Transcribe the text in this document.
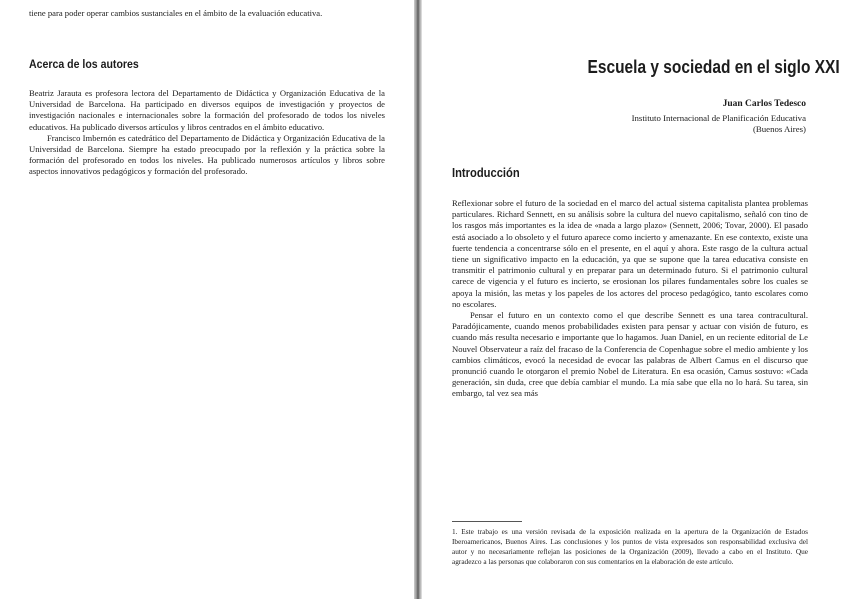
tiene para poder operar cambios sustanciales en el ámbito de la evaluación educativa.
Acerca de los autores

Beatriz Jarauta es profesora lectora del Departamento de Didáctica y Organización Educativa de la Universidad de Barcelona. Ha participado en diversos equipos de investigación y proyectos de investigación nacionales e internacionales sobre la formación del profesorado de todos los niveles educativos. Ha publicado diversos artículos y libros centrados en el ámbito educativo.

Francisco Imbernón es catedrático del Departamento de Didáctica y Organización Educativa de la Universidad de Barcelona. Siempre ha estado preocupado por la reflexión y la práctica sobre la formación del profesorado en todos los niveles. Ha publicado numerosos artículos y libros sobre aspectos innovativos pedagógicos y formación del profesorado.

Escuela y sociedad en el siglo XXI
Juan Carlos Tedesco
Instituto Internacional de Planificación Educativa
(Buenos Aires)
Introducción

Reflexionar sobre el futuro de la sociedad en el marco del actual sistema capitalista plantea problemas particulares. Richard Sennett, en su análisis sobre la cultura del nuevo capitalismo, señaló con tino de los rasgos más importantes es la idea de «nada a largo plazo» (Sennett, 2006; Tovar, 2000). El pasado está asociado a lo obsoleto y el futuro aparece como incierto y amenazante. En ese contexto, existe una fuerte tendencia a concentrarse sólo en el presente, en el aquí y ahora. Este rasgo de la cultura actual tiene un significativo impacto en la educación, ya que se supone que la tarea educativa consiste en transmitir el patrimonio cultural y en preparar para un determinado futuro. Si el patrimonio cultural carece de vigencia y el futuro es incierto, se erosionan los pilares fundamentales sobre los cuales se apoya la misión, las metas y los papeles de los actores del proceso pedagógico, tanto escolares como no escolares.

Pensar el futuro en un contexto como el que describe Sennett es una tarea contracultural. Paradójicamente, cuando menos probabilidades existen para pensar y actuar con visión de futuro, es cuando más resulta necesario e importante que lo hagamos. Juan Daniel, en un reciente editorial de Le Nouvel Observateur a raíz del fracaso de la Conferencia de Copenhague sobre el medio ambiente y los cambios climáticos, evocó la necesidad de evocar las palabras de Albert Camus en el discurso que pronunció cuando le otorgaron el premio Nobel de Literatura. En esa ocasión, Camus sostuvo: «Cada generación, sin duda, cree que debía cambiar el mundo. La mía sabe que ella no lo hará. Su tarea, sin embargo, tal vez sea más

1. Este trabajo es una versión revisada de la exposición realizada en la apertura de la Organización de Estados Iberoamericanos, Buenos Aires. Las conclusiones y los puntos de vista expresados son responsabilidad exclusiva del autor y no necesariamente reflejan las posiciones de la Organización (2009), llevado a cabo en el Instituto. Que agradezco a las personas que colaboraron con sus comentarios en la elaboración de este artículo.
